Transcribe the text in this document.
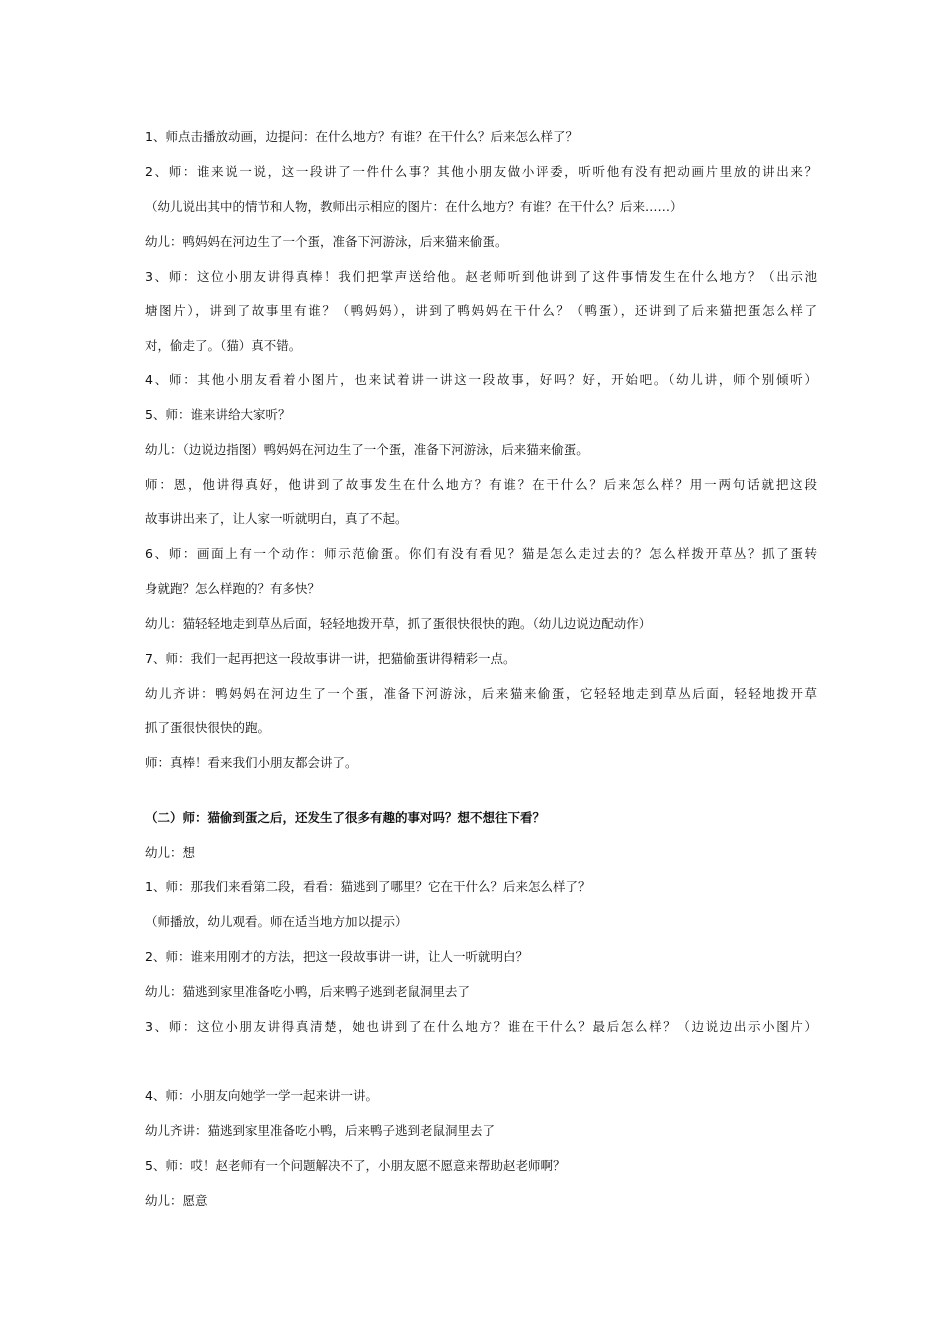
1、师点击播放动画，边提问：在什么地方？有谁？在干什么？后来怎么样了？
2、师：谁来说一说，这一段讲了一件什么事？其他小朋友做小评委，听听他有没有把动画片里放的讲出来？
（幼儿说出其中的情节和人物，教师出示相应的图片：在什么地方？有谁？在干什么？后来……）
幼儿：鸭妈妈在河边生了一个蛋，准备下河游泳，后来猫来偷蛋。
3、师：这位小朋友讲得真棒！我们把掌声送给他。赵老师听到他讲到了这件事情发生在什么地方？（出示池
塘图片），讲到了故事里有谁？（鸭妈妈），讲到了鸭妈妈在干什么？（鸭蛋），还讲到了后来猫把蛋怎么样了
对，偷走了。（猫）真不错。
4、师：其他小朋友看着小图片，也来试着讲一讲这一段故事，好吗？好，开始吧。（幼儿讲，师个别倾听）
5、师：谁来讲给大家听？
幼儿：（边说边指图）鸭妈妈在河边生了一个蛋，准备下河游泳，后来猫来偷蛋。
师：恩，他讲得真好，他讲到了故事发生在什么地方？有谁？在干什么？后来怎么样？用一两句话就把这段
故事讲出来了，让人家一听就明白，真了不起。
6、师：画面上有一个动作：师示范偷蛋。你们有没有看见？猫是怎么走过去的？怎么样拨开草丛？抓了蛋转
身就跑？怎么样跑的？有多快？
幼儿：猫轻轻地走到草丛后面，轻轻地拨开草，抓了蛋很快很快的跑。（幼儿边说边配动作）
7、师：我们一起再把这一段故事讲一讲，把猫偷蛋讲得精彩一点。
幼儿齐讲：鸭妈妈在河边生了一个蛋，准备下河游泳，后来猫来偷蛋，它轻轻地走到草丛后面，轻轻地拨开草
抓了蛋很快很快的跑。
师：真棒！看来我们小朋友都会讲了。
（二）师：猫偷到蛋之后，还发生了很多有趣的事对吗？想不想往下看？
幼儿：想
1、师：那我们来看第二段，看看：猫逃到了哪里？它在干什么？后来怎么样了？
（师播放，幼儿观看。师在适当地方加以提示）
2、师：谁来用刚才的方法，把这一段故事讲一讲，让人一听就明白？
幼儿：猫逃到家里准备吃小鸭，后来鸭子逃到老鼠洞里去了
3、师：这位小朋友讲得真清楚，她也讲到了在什么地方？谁在干什么？最后怎么样？（边说边出示小图片）
4、师：小朋友向她学一学一起来讲一讲。
幼儿齐讲：猫逃到家里准备吃小鸭，后来鸭子逃到老鼠洞里去了
5、师：哎！赵老师有一个问题解决不了，小朋友愿不愿意来帮助赵老师啊？
幼儿：愿意
